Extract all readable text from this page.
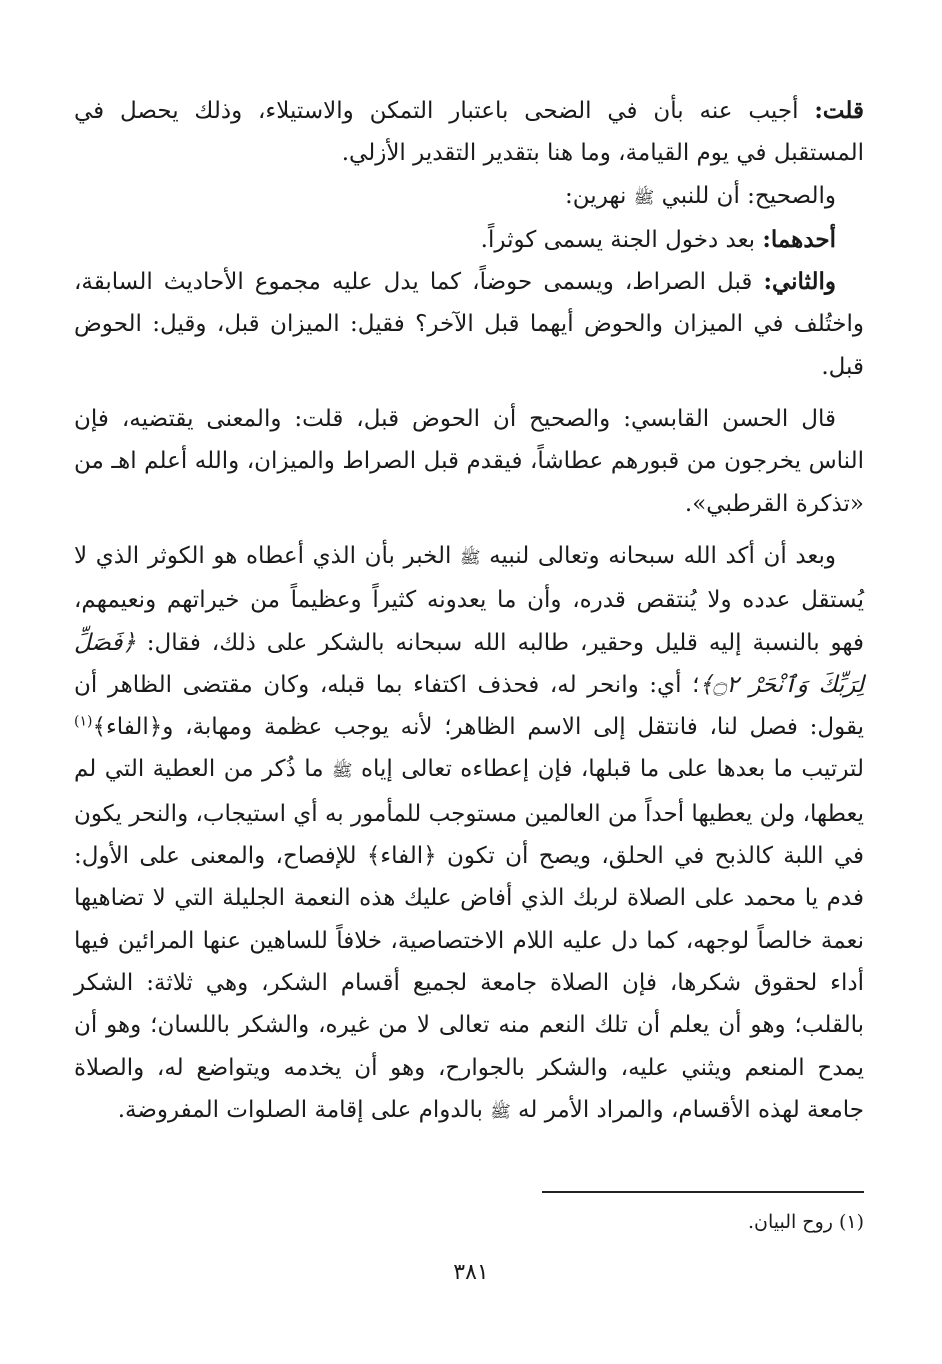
قلت: أجيب عنه بأن في الضحى باعتبار التمكن والاستيلاء، وذلك يحصل في المستقبل في يوم القيامة، وما هنا بتقدير التقدير الأزلي.

والصحيح: أن للنبي ﷺ نهرين:

أحدهما: بعد دخول الجنة يسمى كوثراً.

والثاني: قبل الصراط، ويسمى حوضاً، كما يدل عليه مجموع الأحاديث السابقة، واختُلف في الميزان والحوض أيهما قبل الآخر؟ فقيل: الميزان قبل، وقيل: الحوض قبل.

قال الحسن القابسي: والصحيح أن الحوض قبل، قلت: والمعنى يقتضيه، فإن الناس يخرجون من قبورهم عطاشاً، فيقدم قبل الصراط والميزان، والله أعلم اهـ من «تذكرة القرطبي».

وبعد أن أكد الله سبحانه وتعالى لنبيه ﷺ الخبر بأن الذي أعطاه هو الكوثر الذي لا يُستقل عدده ولا يُنتقص قدره، وأن ما يعدونه كثيراً وعظيماً من خيراتهم ونعيمهم، فهو بالنسبة إليه قليل وحقير، طالبه الله سبحانه بالشكر على ذلك، فقال: ﴿فَصَلِّ لِرَبِّكَ وَٱنْحَرْ ۝٢﴾؛ أي: وانحر له، فحذف اكتفاء بما قبله، وكان مقتضى الظاهر أن يقول: فصل لنا، فانتقل إلى الاسم الظاهر؛ لأنه يوجب عظمة ومهابة، و﴿الفاء﴾$^{(١)}$ لترتيب ما بعدها على ما قبلها، فإن إعطاءه تعالى إياه ﷺ ما ذُكر من العطية التي لم يعطها، ولن يعطيها أحداً من العالمين مستوجب للمأمور به أي استيجاب، والنحر يكون في اللبة كالذبح في الحلق، ويصح أن تكون ﴿الفاء﴾ للإفصاح، والمعنى على الأول: فدم يا محمد على الصلاة لربك الذي أفاض عليك هذه النعمة الجليلة التي لا تضاهيها نعمة خالصاً لوجهه، كما دل عليه اللام الاختصاصية، خلافاً للساهين عنها المرائين فيها أداء لحقوق شكرها، فإن الصلاة جامعة لجميع أقسام الشكر، وهي ثلاثة: الشكر بالقلب؛ وهو أن يعلم أن تلك النعم منه تعالى لا من غيره، والشكر باللسان؛ وهو أن يمدح المنعم ويثني عليه، والشكر بالجوارح، وهو أن يخدمه ويتواضع له، والصلاة جامعة لهذه الأقسام، والمراد الأمر له ﷺ بالدوام على إقامة الصلوات المفروضة.

(١)روح البيان.
٣٨١
